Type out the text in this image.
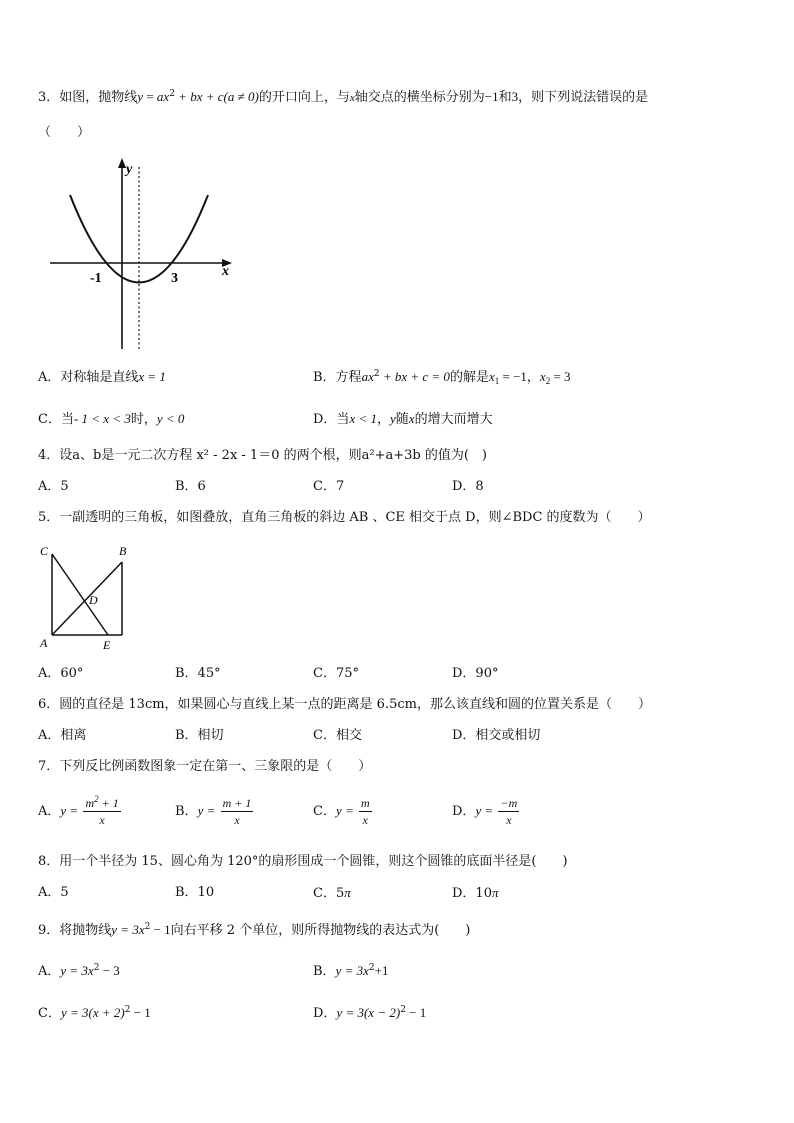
3．如图，抛物线$y = ax^2$ + bx + c(a ≠ 0)的开口向上，与x轴交点的横坐标分别为−1和3，则下列说法错误的是
（　　）
y
x
-1	3
A．对称轴是直线x = 1	B．方程$ax^2$ + bx + c = 0的解是$x_1 = -1$，$x_2 = 3$
C．当- 1 < x < 3时，y < 0	D．当x < 1，y随x的增大而增大
4．设a、b是一元二次方程 x² - 2x - 1＝0 的两个根，则a²+a+3b 的值为(　)
A．5	B．6	C．7	D．8
5．一副透明的三角板，如图叠放，直角三角板的斜边 AB 、CE 相交于点 D，则∠BDC 的度数为（　　）
C	B
D
A	E
A．60°	B．45°	C．75°	D．90°
6．圆的直径是 13cm，如果圆心与直线上某一点的距离是 6.5cm，那么该直线和圆的位置关系是（　　）
A．相离	B．相切	C．相交	D．相交或相切
7．下列反比例函数图象一定在第一、三象限的是（　　）
A．$y = \frac{m^2 + 1}{x}$	B．$y = \frac{m + 1}{x}$	C．$y = \frac{m}{x}$	D．$y = \frac{-m}{x}$
8．用一个半径为 15、圆心角为 120°的扇形围成一个圆锥，则这个圆锥的底面半径是(　　)
A．5	B．10	C．5π	D．10π
9．将抛物线$y = 3x^2 - 1$向右平移 2 个单位，则所得抛物线的表达式为(　　)
A．$y = 3x^2 - 3$	B．$y = 3x^2+1$
C．$y = 3(x + 2)^2 - 1$	D．$y = 3(x - 2)^2 - 1$
